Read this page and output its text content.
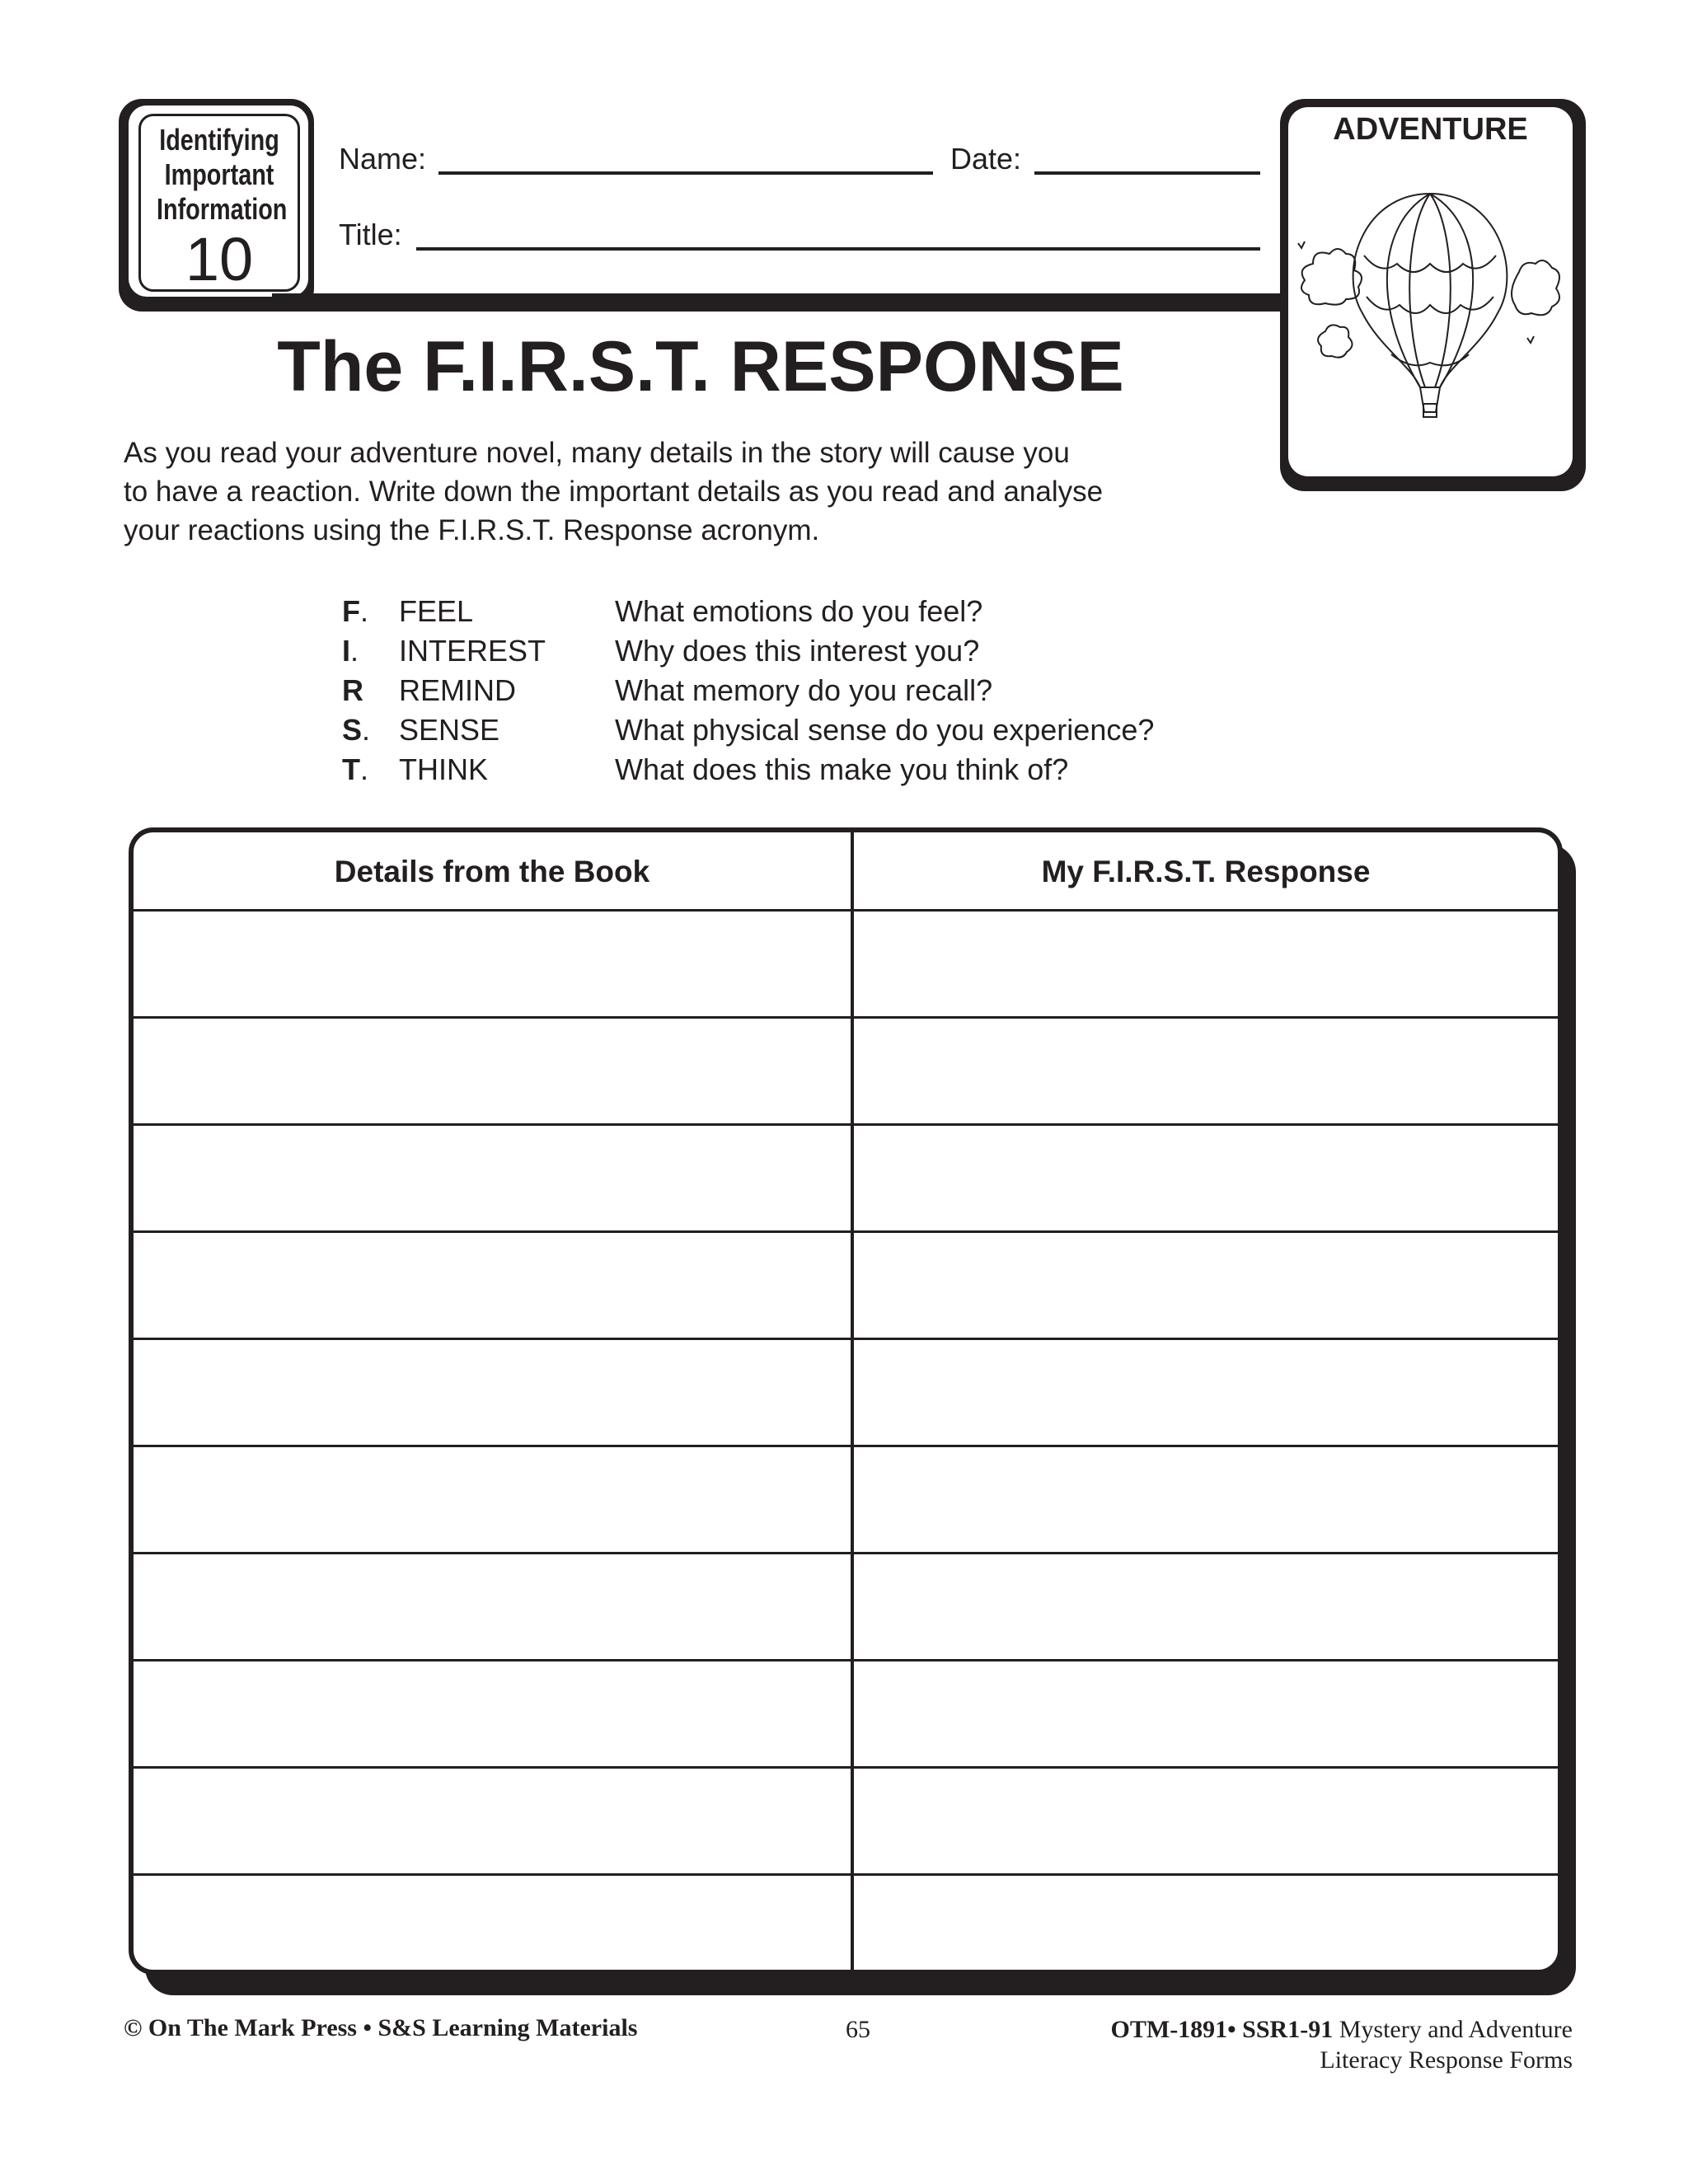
Identifying
Important
Information
10
Name:	Date:
Title:
ADVENTURE
The F.I.R.S.T. RESPONSE
As you read your adventure novel, many details in the story will cause you
to have a reaction. Write down the important details as you read and analyse
your reactions using the F.I.R.S.T. Response acronym.
F. FEEL	What emotions do you feel?
I. INTEREST Why does this interest you?
R REMIND	What memory do you recall?
S. SENSE	What physical sense do you experience?
T. THINK	What does this make you think of?
Details from the Book	My F.I.R.S.T. Response
© On The Mark Press • S&S Learning Materials	65	OTM-1891• SSR1-91 Mystery and Adventure
Literacy Response Forms
